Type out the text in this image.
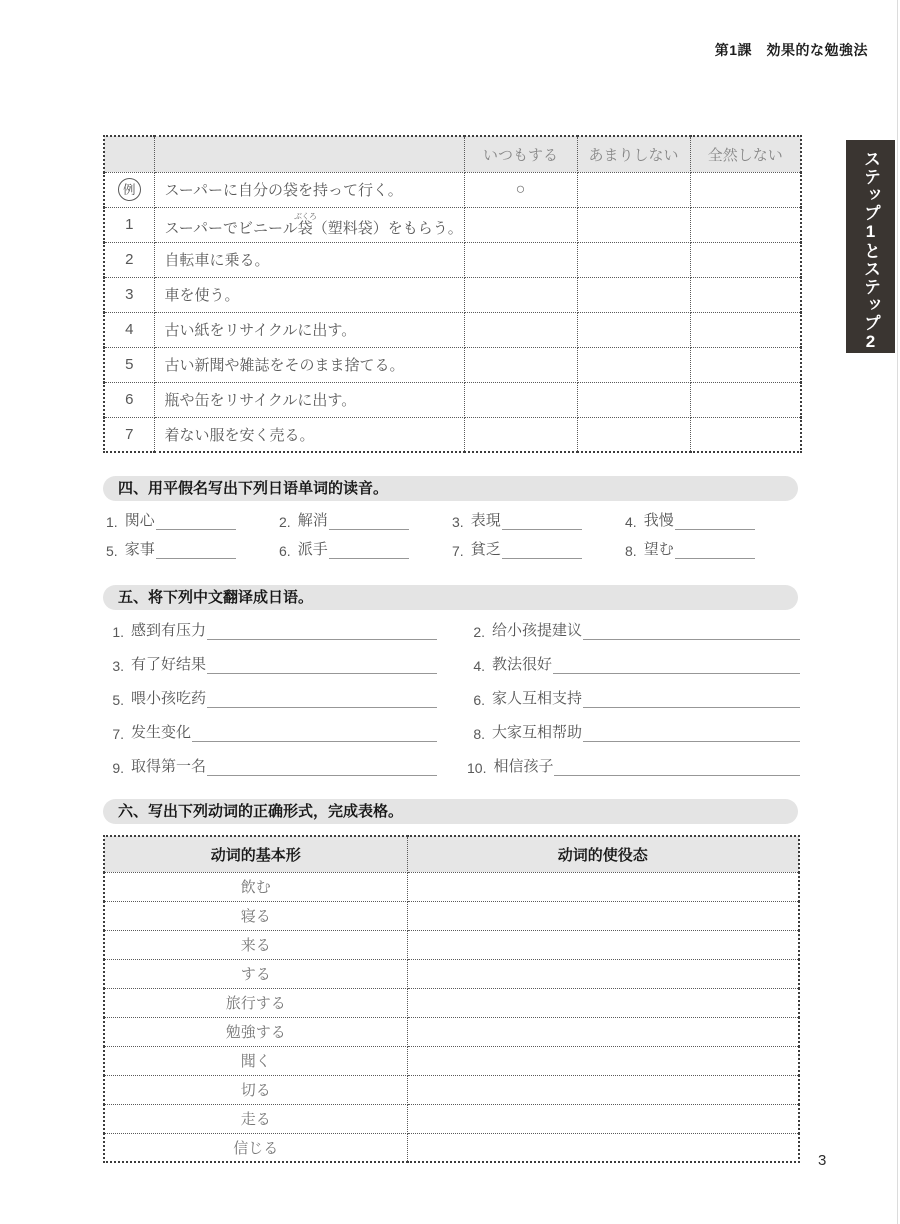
第1課　効果的な勉強法
ステップ1とステップ2
		いつもする	あまりしない	全然しない
例	スーパーに自分の袋を持って行く。	○		
1	スーパーでビニール袋ぶくろ（塑料袋）をもらう。			
2	自転車に乗る。			
3	車を使う。			
4	古い紙をリサイクルに出す。			
5	古い新聞や雑誌をそのまま捨てる。			
6	瓶や缶をリサイクルに出す。			
7	着ない服を安く売る。			
四、用平假名写出下列日语单词的读音。
1. 関心	2. 解消	3. 表現	4. 我慢
5. 家事	6. 派手	7. 貧乏	8. 望む
五、将下列中文翻译成日语。
1. 感到有压力	2. 给小孩提建议
3. 有了好结果	4. 教法很好
5. 喂小孩吃药	6. 家人互相支持
7. 发生变化	8. 大家互相帮助
9. 取得第一名	10. 相信孩子
六、写出下列动词的正确形式，完成表格。
动词的基本形	动词的使役态
飲む	
寝る	
来る	
する	
旅行する	
勉強する	
聞く	
切る	
走る	
信じる	
3
